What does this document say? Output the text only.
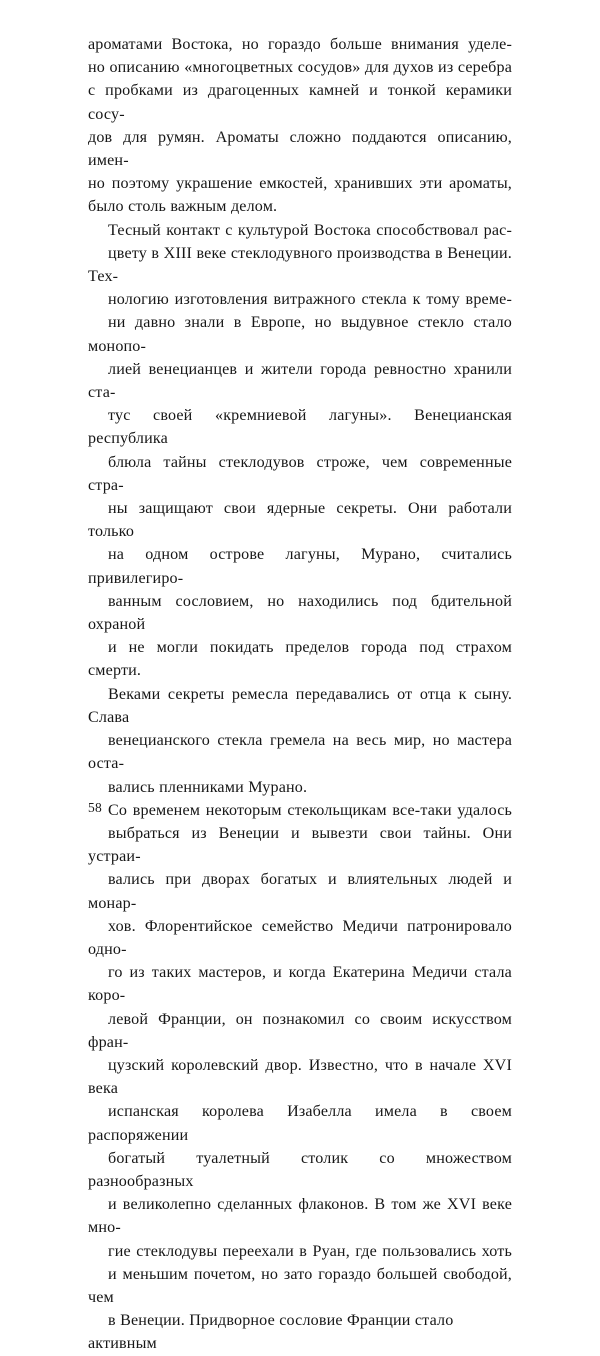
ароматами Востока, но гораздо больше внимания уделе-
но описанию «многоцветных сосудов» для духов из серебра
с пробками из драгоценных камней и тонкой керамики сосу-
дов для румян. Ароматы сложно поддаются описанию, имен-
но поэтому украшение емкостей, хранивших эти ароматы,
было столь важным делом.

Тесный контакт с культурой Востока способствовал рас-
цвету в XIII веке стеклодувного производства в Венеции. Тех-
нологию изготовления витражного стекла к тому време-
ни давно знали в Европе, но выдувное стекло стало монопо-
лией венецианцев и жители города ревностно хранили ста-
тус своей «кремниевой лагуны». Венецианская республика
блюла тайны стеклодувов строже, чем современные стра-
ны защищают свои ядерные секреты. Они работали только
на одном острове лагуны, Мурано, считались привилегиро-
ванным сословием, но находились под бдительной охраной
и не могли покидать пределов города под страхом смерти.
Веками секреты ремесла передавались от отца к сыну. Слава
венецианского стекла гремела на весь мир, но мастера оста-
вались пленниками Мурано.

Со временем некоторым стекольщикам все-таки удалось
выбраться из Венеции и вывезти свои тайны. Они устраи-
вались при дворах богатых и влиятельных людей и монар-
хов. Флорентийское семейство Медичи патронировало одно-
го из таких мастеров, и когда Екатерина Медичи стала коро-
левой Франции, он познакомил со своим искусством фран-
цузский королевский двор. Известно, что в начале XVI века
испанская королева Изабелла имела в своем распоряжении
богатый туалетный столик со множеством разнообразных
и великолепно сделанных флаконов. В том же XVI веке мно-
гие стеклодувы переехали в Руан, где пользовались хоть
и меньшим почетом, но зато гораздо большей свободой, чем
в Венеции. Придворное сословие Франции стало активным

58
